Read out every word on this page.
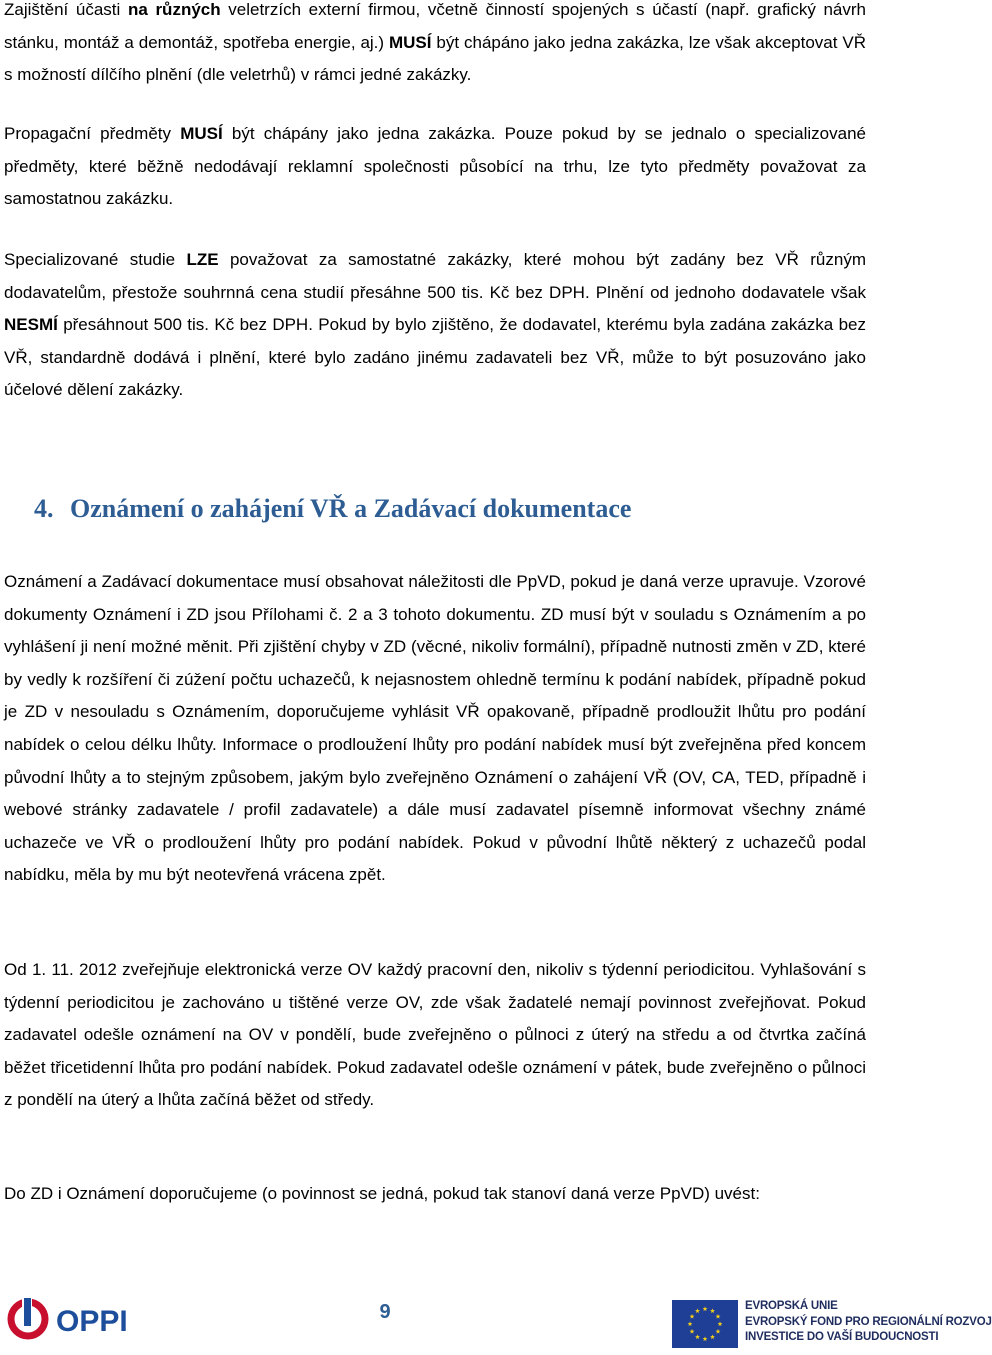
Zajištění účasti na různých veletrzích externí firmou, včetně činností spojených s účastí (např. grafický návrh stánku, montáž a demontáž, spotřeba energie, aj.) MUSÍ být chápáno jako jedna zakázka, lze však akceptovat VŘ s možností dílčího plnění (dle veletrhů) v rámci jedné zakázky.

Propagační předměty MUSÍ být chápány jako jedna zakázka. Pouze pokud by se jednalo o specializované předměty, které běžně nedodávají reklamní společnosti působící na trhu, lze tyto předměty považovat za samostatnou zakázku.

Specializované studie LZE považovat za samostatné zakázky, které mohou být zadány bez VŘ různým dodavatelům, přestože souhrnná cena studií přesáhne 500 tis. Kč bez DPH. Plnění od jednoho dodavatele však NESMÍ přesáhnout 500 tis. Kč bez DPH. Pokud by bylo zjištěno, že dodavatel, kterému byla zadána zakázka bez VŘ, standardně dodává i plnění, které bylo zadáno jinému zadavateli bez VŘ, může to být posuzováno jako účelové dělení zakázky.

Oznámení a Zadávací dokumentace musí obsahovat náležitosti dle PpVD, pokud je daná verze upravuje. Vzorové dokumenty Oznámení i ZD jsou Přílohami č. 2 a 3 tohoto dokumentu. ZD musí být v souladu s Oznámením a po vyhlášení ji není možné měnit. Při zjištění chyby v ZD (věcné, nikoliv formální), případně nutnosti změn v ZD, které by vedly k rozšíření či zúžení počtu uchazečů, k nejasnostem ohledně termínu k podání nabídek, případně pokud je ZD v nesouladu s Oznámením, doporučujeme vyhlásit VŘ opakovaně, případně prodloužit lhůtu pro podání nabídek o celou délku lhůty. Informace o prodloužení lhůty pro podání nabídek musí být zveřejněna před koncem původní lhůty a to stejným způsobem, jakým bylo zveřejněno Oznámení o zahájení VŘ (OV, CA, TED, případně i webové stránky zadavatele / profil zadavatele) a dále musí zadavatel písemně informovat všechny známé uchazeče ve VŘ o prodloužení lhůty pro podání nabídek. Pokud v původní lhůtě některý z uchazečů podal nabídku, měla by mu být neotevřená vrácena zpět.

Od 1. 11. 2012 zveřejňuje elektronická verze OV každý pracovní den, nikoliv s týdenní periodicitou. Vyhlašování s týdenní periodicitou je zachováno u tištěné verze OV, zde však žadatelé nemají povinnost zveřejňovat. Pokud zadavatel odešle oznámení na OV v pondělí, bude zveřejněno o půlnoci z úterý na středu a od čtvrtka začíná běžet třicetidenní lhůta pro podání nabídek. Pokud zadavatel odešle oznámení v pátek, bude zveřejněno o půlnoci z pondělí na úterý a lhůta začíná běžet od středy.

Do ZD i Oznámení doporučujeme (o povinnost se jedná, pokud tak stanoví daná verze PpVD) uvést:

4. Oznámení o zahájení VŘ a Zadávací dokumentace
OPPI	9	EVROPSKÁ UNIE
EVROPSKÝ FOND PRO REGIONÁLNÍ ROZVOJ
INVESTICE DO VAŠÍ BUDOUCNOSTI
